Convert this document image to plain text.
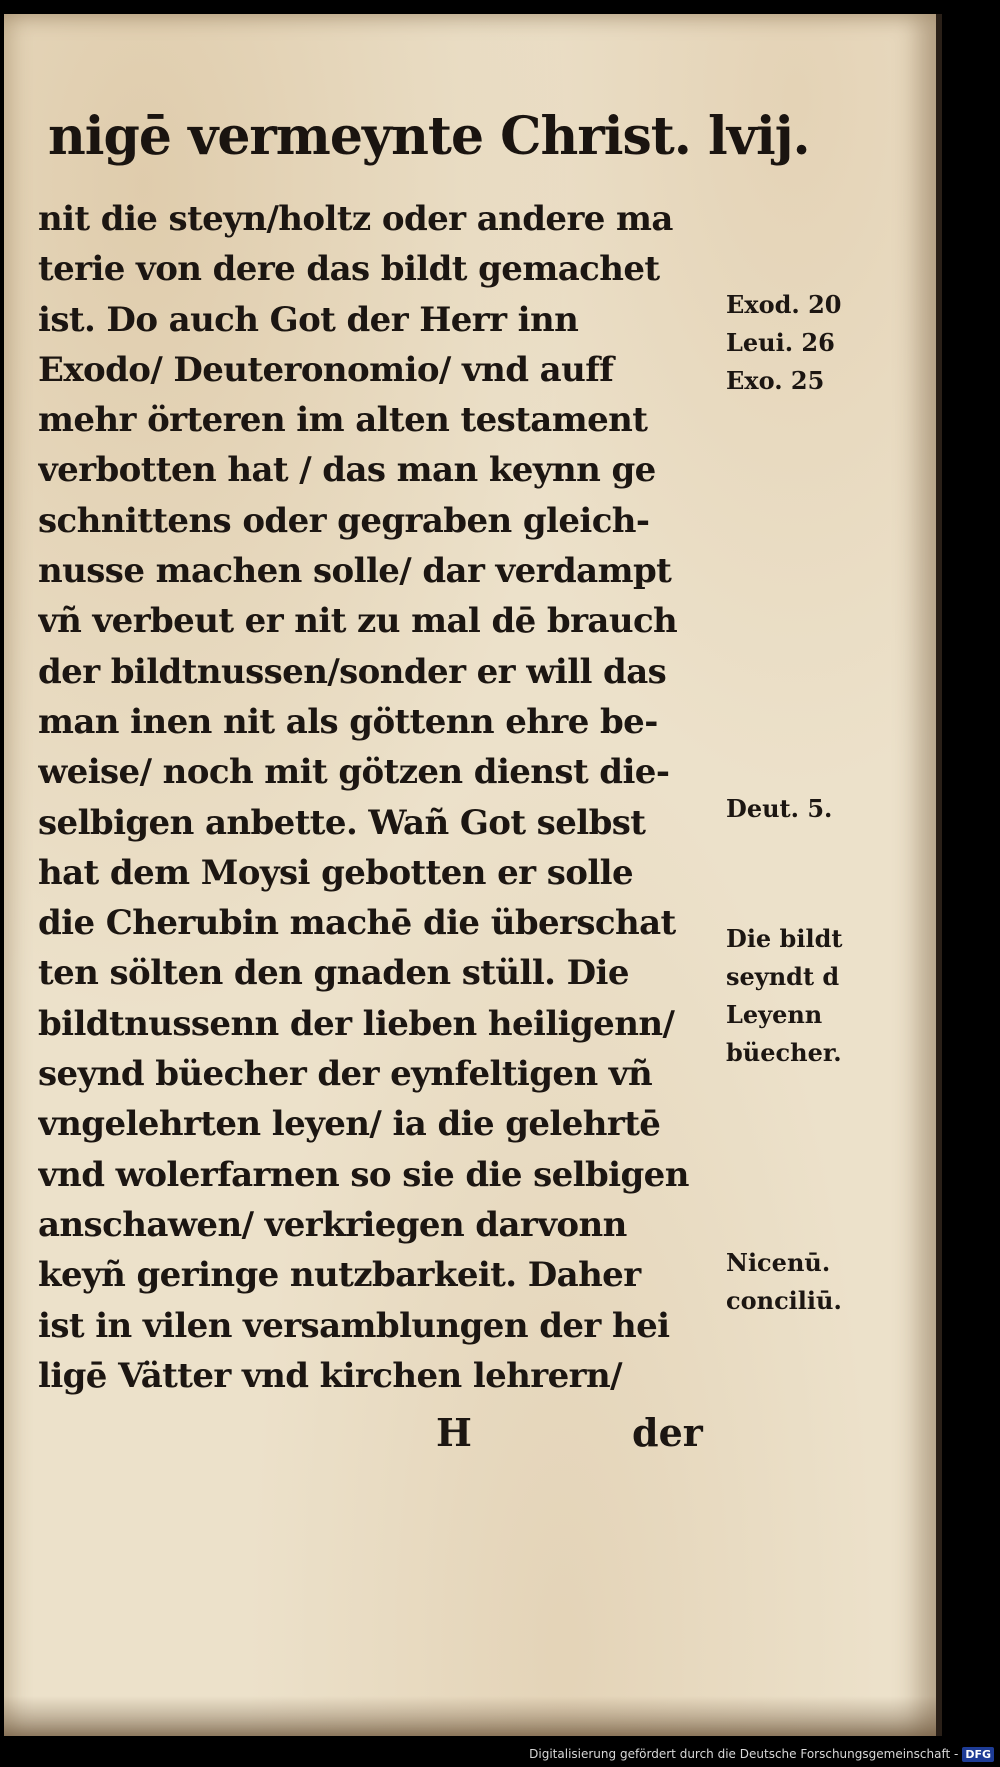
nigē vermeynte Christ. lvij.
nit die steyn/holtz oder andere ma
terie von dere das bildt gemachet
ist. Do auch Got der Herr inn
Exodo/ Deuteronomio/ vnd auff
mehr örteren im alten testament
verbotten hat / das man keynn ge
schnittens oder gegraben gleich-
nusse machen solle/ dar verdampt
vñ verbeut er nit zu mal dē brauch
der bildtnussen/sonder er will das
man inen nit als göttenn ehre be-
weise/ noch mit götzen dienst die-
selbigen anbette. Wañ Got selbst
hat dem Moysi gebotten er solle
die Cherubin machē die überschat
ten sölten den gnaden stüll. Die
bildtnussenn der lieben heiligenn/
seynd büecher der eynfeltigen vñ
vngelehrten leyen/ ia die gelehrtē
vnd wolerfarnen so sie die selbigen
anschawen/ verkriegen darvonn
keyñ geringe nutzbarkeit. Daher
ist in vilen versamblungen der hei
ligē Vätter vnd kirchen lehrern/
Exod. 20
Leui. 26
Exo. 25
Deut. 5.
Die bildt
seyndt d
Leyenn
büecher.
Nicenū.
conciliū.
H	der
Digitalisierung gefördert durch die Deutsche Forschungsgemeinschaft - DFG
